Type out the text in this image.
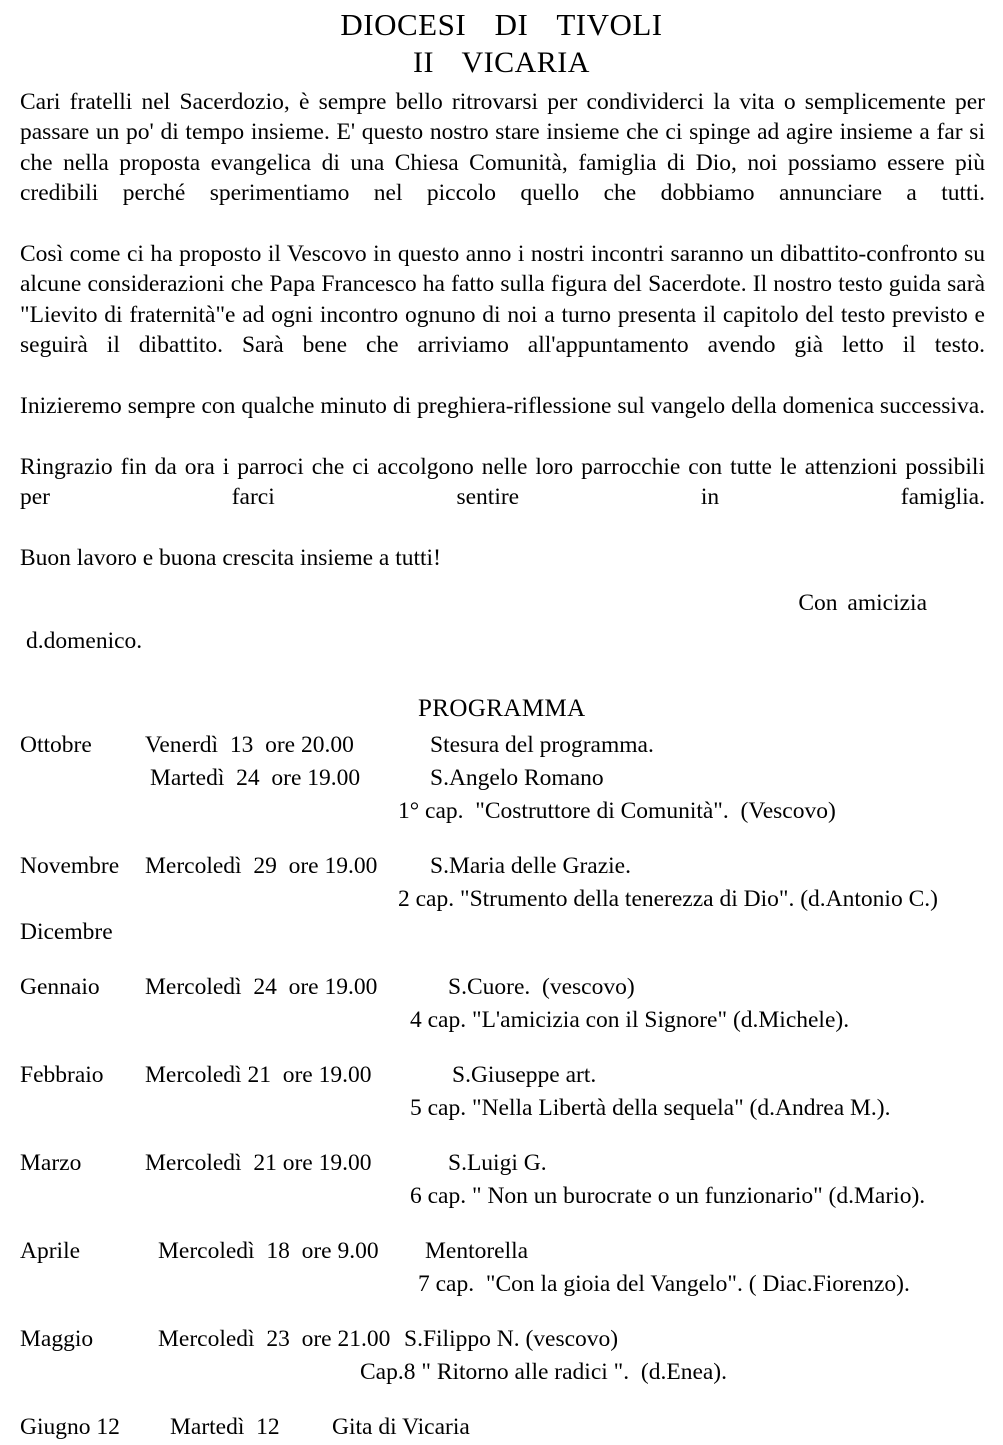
DIOCESI  DI  TIVOLI
II  VICARIA

Cari fratelli nel Sacerdozio, è sempre bello ritrovarsi per condividerci la vita o semplicemente per passare un po' di tempo insieme. E' questo nostro stare insieme che ci spinge ad agire insieme a far si che nella proposta evangelica di una Chiesa Comunità, famiglia di Dio, noi possiamo essere più credibili perché sperimentiamo nel piccolo quello che dobbiamo annunciare a tutti.

Così come ci ha proposto il Vescovo in questo anno i nostri incontri saranno un dibattito-confronto su alcune considerazioni che Papa Francesco ha fatto sulla figura del Sacerdote. Il nostro testo guida sarà "Lievito di fraternità"e ad ogni incontro ognuno di noi a turno presenta il capitolo del testo previsto e seguirà il dibattito. Sarà bene che arriviamo all'appuntamento avendo già letto il testo.

Inizieremo sempre con qualche minuto di preghiera-riflessione sul vangelo della domenica successiva.

Ringrazio fin da ora i parroci che ci accolgono nelle loro parrocchie con tutte le attenzioni possibili per farci sentire in famiglia.

Buon lavoro e buona crescita insieme a tutti!

Con amicizia
d.domenico.
PROGRAMMA
Ottobre Venerdì  13  ore 20.00	Stesura del programma.
Martedì  24  ore 19.00	S.Angelo Romano
1° cap.  "Costruttore di Comunità".  (Vescovo)
Novembre Mercoledì  29  ore 19.00 S.Maria delle Grazie.
2 cap. "Strumento della tenerezza di Dio". (d.Antonio C.)
Dicembre
Gennaio Mercoledì  24  ore 19.00	S.Cuore.  (vescovo)
4 cap. "L'amicizia con il Signore" (d.Michele).
Febbraio Mercoledì 21  ore 19.00	S.Giuseppe art.
5 cap. "Nella Libertà della sequela" (d.Andrea M.).
Marzo	Mercoledì  21 ore 19.00	S.Luigi G.
6 cap. " Non un burocrate o un funzionario" (d.Mario).
Aprile	Mercoledì  18  ore 9.00 Mentorella
7 cap.  "Con la gioia del Vangelo". ( Diac.Fiorenzo).
Maggio	Mercoledì  23  ore 21.00 S.Filippo N. (vescovo)
Cap.8 " Ritorno alle radici ".  (d.Enea).
Giugno 12 Martedì  12 Gita di Vicaria
